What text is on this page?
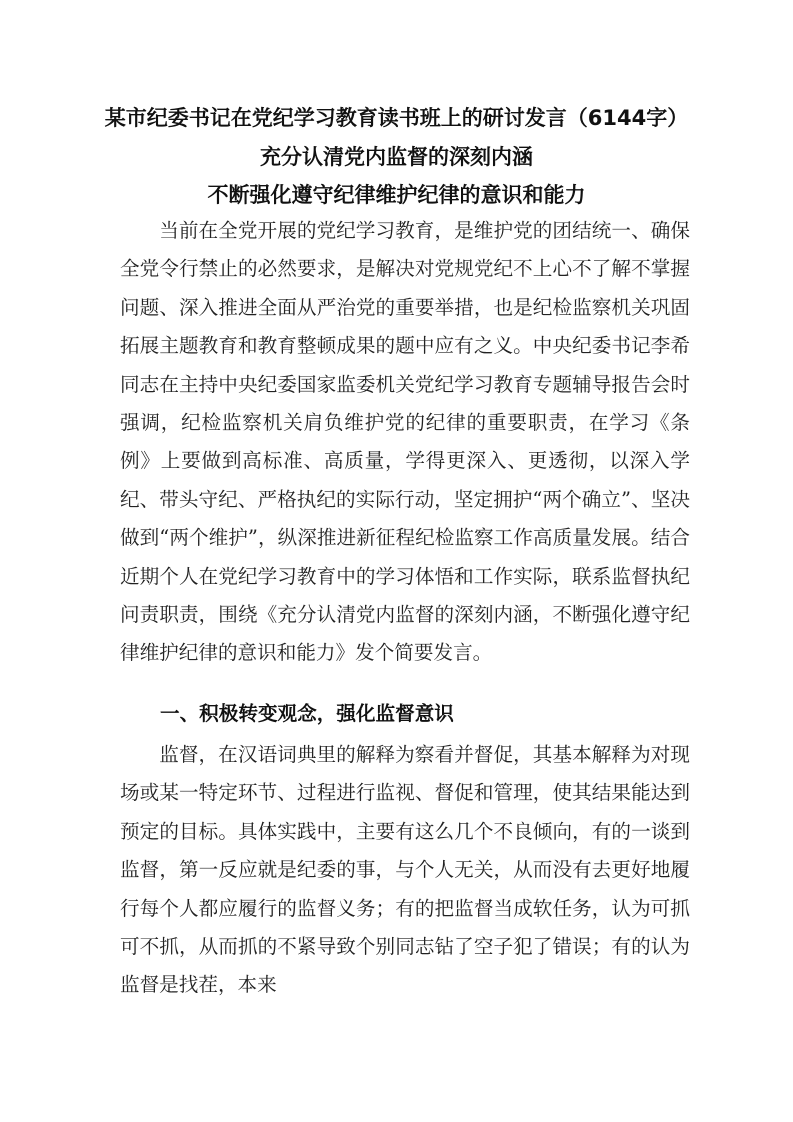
某市纪委书记在党纪学习教育读书班上的研讨发言（6144字）
充分认清党内监督的深刻内涵
不断强化遵守纪律维护纪律的意识和能力

当前在全党开展的党纪学习教育，是维护党的团结统一、确保全党令行禁止的必然要求，是解决对党规党纪不上心不了解不掌握问题、深入推进全面从严治党的重要举措，也是纪检监察机关巩固拓展主题教育和教育整顿成果的题中应有之义。中央纪委书记李希同志在主持中央纪委国家监委机关党纪学习教育专题辅导报告会时强调，纪检监察机关肩负维护党的纪律的重要职责，在学习《条例》上要做到高标准、高质量，学得更深入、更透彻，以深入学纪、带头守纪、严格执纪的实际行动，坚定拥护“两个确立”、坚决做到“两个维护”，纵深推进新征程纪检监察工作高质量发展。结合近期个人在党纪学习教育中的学习体悟和工作实际，联系监督执纪问责职责，围绕《充分认清党内监督的深刻内涵，不断强化遵守纪律维护纪律的意识和能力》发个简要发言。

一、积极转变观念，强化监督意识

监督，在汉语词典里的解释为察看并督促，其基本解释为对现场或某一特定环节、过程进行监视、督促和管理，使其结果能达到预定的目标。具体实践中，主要有这么几个不良倾向，有的一谈到监督，第一反应就是纪委的事，与个人无关，从而没有去更好地履行每个人都应履行的监督义务；有的把监督当成软任务，认为可抓可不抓，从而抓的不紧导致个别同志钻了空子犯了错误；有的认为监督是找茬，本来
